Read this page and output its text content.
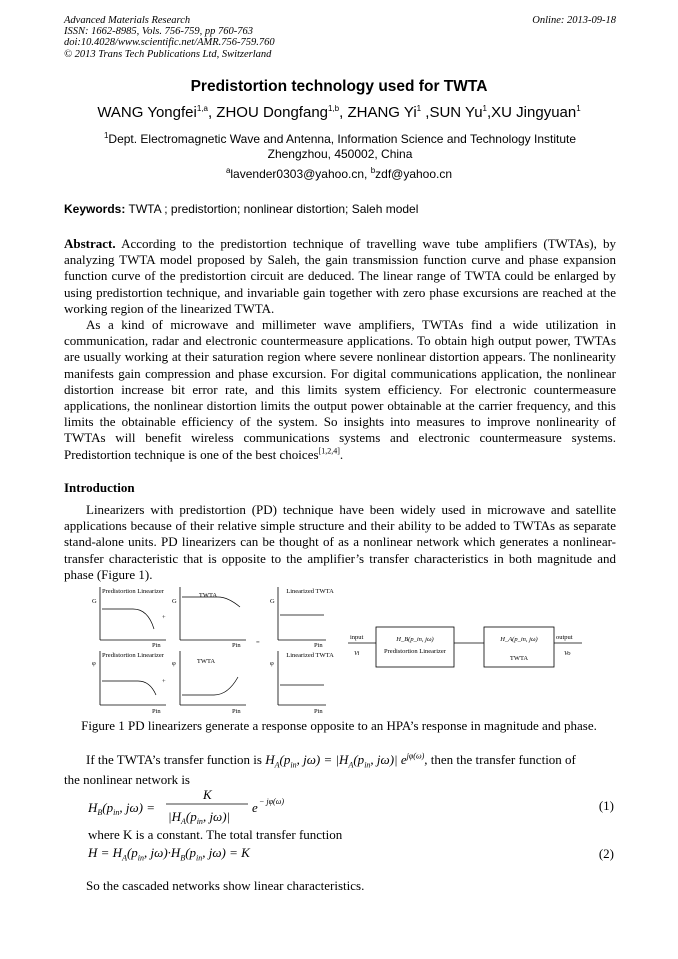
Advanced Materials Research
ISSN: 1662-8985, Vols. 756-759, pp 760-763
doi:10.4028/www.scientific.net/AMR.756-759.760
© 2013 Trans Tech Publications Ltd, Switzerland
Online: 2013-09-18
Predistortion technology used for TWTA
WANG Yongfei$^{1,a}$, ZHOU Dongfang$^{1,b}$, ZHANG Yi$^1$ ,SUN Yu$^1$,XU Jingyuan$^1$
$^1$Dept. Electromagnetic Wave and Antenna, Information Science and Technology Institute
Zhengzhou, 450002, China
$^a$lavender0303@yahoo.cn, $^b$zdf@yahoo.cn
Keywords: TWTA ; predistortion; nonlinear distortion; Saleh model

Abstract. According to the predistortion technique of travelling wave tube amplifiers (TWTAs), by analyzing TWTA model proposed by Saleh, the gain transmission function curve and phase expansion function curve of the predistortion circuit are deduced. The linear range of TWTA could be enlarged by using predistortion technique, and invariable gain together with zero phase excursions are reached at the working region of the linearized TWTA.

As a kind of microwave and millimeter wave amplifiers, TWTAs find a wide utilization in communication, radar and electronic countermeasure applications. To obtain high output power, TWTAs are usually working at their saturation region where severe nonlinear distortion appears. The nonlinearity manifests gain compression and phase excursion. For digital communications application, the nonlinear distortion increase bit error rate, and this limits system efficiency. For electronic countermeasure applications, the nonlinear distortion limits the output power obtainable at the carrier frequency, and this limits the obtainable efficiency of the system. So insights into measures to improve nonlinearity of TWTAs will benefit wireless communications systems and electronic countermeasure systems. Predistortion technique is one of the best choices[1,2,4].

Introduction

Linearizers with predistortion (PD) technique have been widely used in microwave and satellite applications because of their relative simple structure and their ability to be added to TWTAs as separate stand-alone units. PD linearizers can be thought of as a nonlinear network which generates a nonlinear-transfer characteristic that is opposite to the amplifier’s transfer characteristics in both magnitude and phase (Figure 1).

G
Predistortion Linearizer
Pin
+
G
TWTA
Pin =
G
Linearized TWTA
Pin
φ
Predistortion Linearizer
Pin
+
φ	TWTA
Pin
φ
Linearized TWTA
Pin
input
Vi
H_B(p_in, jω)
Predistortion Linearizer
H_A(p_in, jω)
TWTA
output
Vo
Figure 1 PD linearizers generate a response opposite to an HPA’s response in magnitude and phase.
If the TWTA’s transfer function is $H_A(p_{in}$, $j\omega) = |H_A(p_{in}$, jω)| $e^{j\varphi(\omega)}$, then the transfer function of
the nonlinear network is
$H_B(p_{in}$, jω) =
K
$|H_A(p_{in}$, jω)|
e − jφ(ω)	(1)
where K is a constant. The total transfer function
$H = H_A(p_{in}$, $j\omega)\cdot H_B(p_{in}$, jω) = K	(2)
So the cascaded networks show linear characteristics.
